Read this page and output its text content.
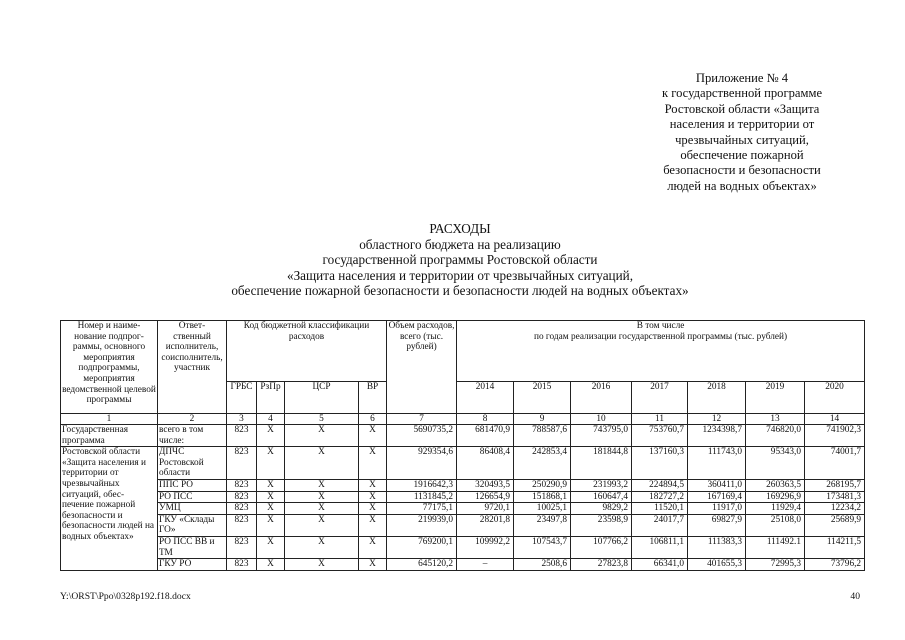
Приложение № 4
к государственной программе
Ростовской области «Защита
населения и территории от
чрезвычайных ситуаций,
обеспечение пожарной
безопасности и безопасности
людей на водных объектах»
РАСХОДЫ
областного бюджета на реализацию
государственной программы Ростовской области
«Защита населения и территории от чрезвычайных ситуаций,
обеспечение пожарной безопасности и безопасности людей на водных объектах»
Номер и наиме- нование подпрог- раммы, основного мероприятия подпрограммы, мероприятия ведомственной целевой программы	Ответ- ственный исполнитель, соисполнитель, участник	Код бюджетной классификации расходов				Объем расходов, всего (тыс. рублей)	В том числе
по годам реализации государственной программы (тыс. рублей)						

		ГРБС	РзПр	ЦСР	ВР		2014	2015	2016	2017	2018	2019	2020
1	2	3	4	5	6	7	8	9	10	11	12	13	14
Государственная программа	всего в том числе:	823	Х	Х	Х	5690735,2	681470,9	788587,6	743795,0	753760,7	1234398,7	746820,0	741902,3
Ростовской области «Защита населения и территории от чрезвычайных ситуаций, обес- печение пожарной безопасности и безопасности людей на водных объектах»	ДПЧС Ростовской области	823	Х	Х	Х	929354,6	86408,4	242853,4	181844,8	137160,3	111743,0	95343,0	74001,7
	ППС РО	823	Х	Х	Х	1916642,3	320493,5	250290,9	231993,2	224894,5	360411,0	260363,5	268195,7
	РО ПСС	823	Х	Х	Х	1131845,2	126654,9	151868,1	160647,4	182727,2	167169,4	169296,9	173481,3
	УМЦ	823	Х	Х	Х	77175,1	9720,1	10025,1	9829,2	11520,1	11917,0	11929,4	12234,2
	ГКУ «Склады ГО»	823	Х	Х	Х	219939,0	28201,8	23497,8	23598,9	24017,7	69827,9	25108,0	25689,9
	РО ПСС ВВ и ТМ	823	Х	Х	Х	769200,1	109992,2	107543,7	107766,2	106811,1	111383,3	111492.1	114211,5
	ГКУ РО	823	Х	Х	Х	645120,2	–	2508,6	27823,8	66341,0	401655,3	72995,3	73796,2
Y:\ORST\Ppo\0328p192.f18.docx	40
